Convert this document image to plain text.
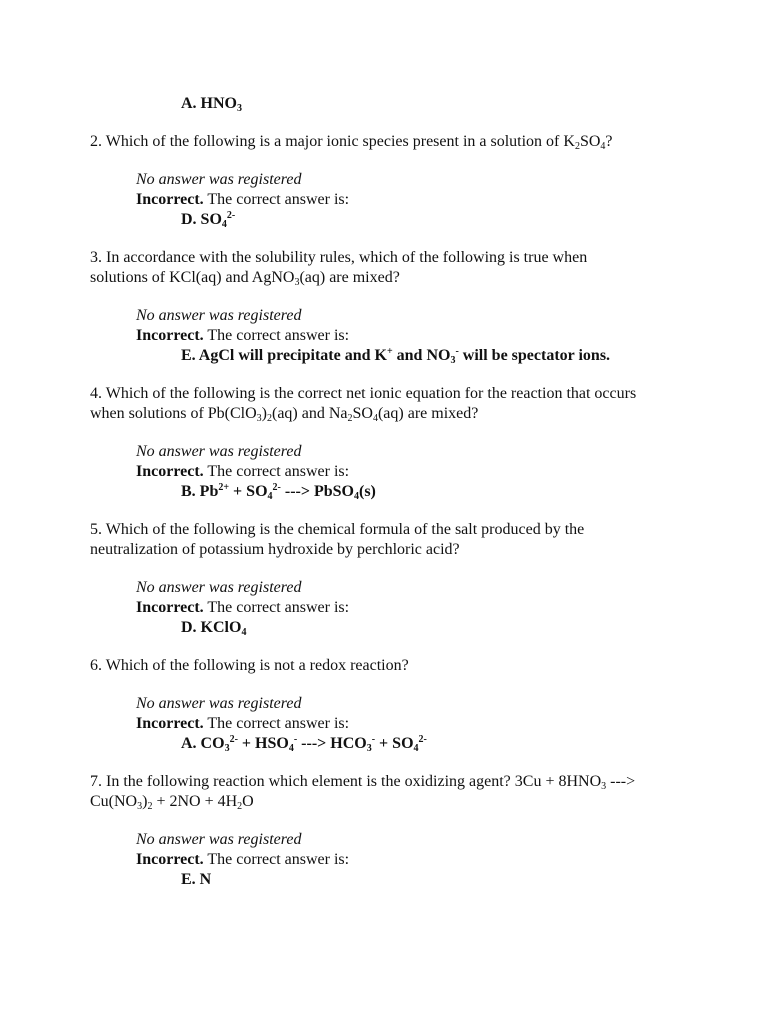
A. $HNO_3$
2. Which of the following is a major ionic species present in a solution of $K_2SO_4$?
No answer was registered
Incorrect. The correct answer is:
D. $SO_4^{2-}$
3. In accordance with the solubility rules, which of the following is true when
solutions of KCl(aq) and AgNO$_3$(aq) are mixed?
No answer was registered
Incorrect. The correct answer is:
E. AgCl will precipitate and K+ and $NO_3^-$ will be spectator ions.
4. Which of the following is the correct net ionic equation for the reaction that occurs
when solutions of $Pb(ClO_3)_2(aq)$ and $Na_2SO_4(aq)$ are mixed?
No answer was registered
Incorrect. The correct answer is:
B. $Pb^{2+} + SO_4^{2-}$ ---> PbSO$_4$(s)
5. Which of the following is the chemical formula of the salt produced by the
neutralization of potassium hydroxide by perchloric acid?
No answer was registered
Incorrect. The correct answer is:
D. KClO$_4$
6. Which of the following is not a redox reaction?
No answer was registered
Incorrect. The correct answer is:
A. $CO_3^{2-} + HSO_4^-$ ---> $HCO_3^- + SO_4^{2-}$
7. In the following reaction which element is the oxidizing agent? $3Cu + 8HNO_3$ --->
$Cu(NO_3)_2 + 2NO + 4H_2O$
No answer was registered
Incorrect. The correct answer is:
E. N
